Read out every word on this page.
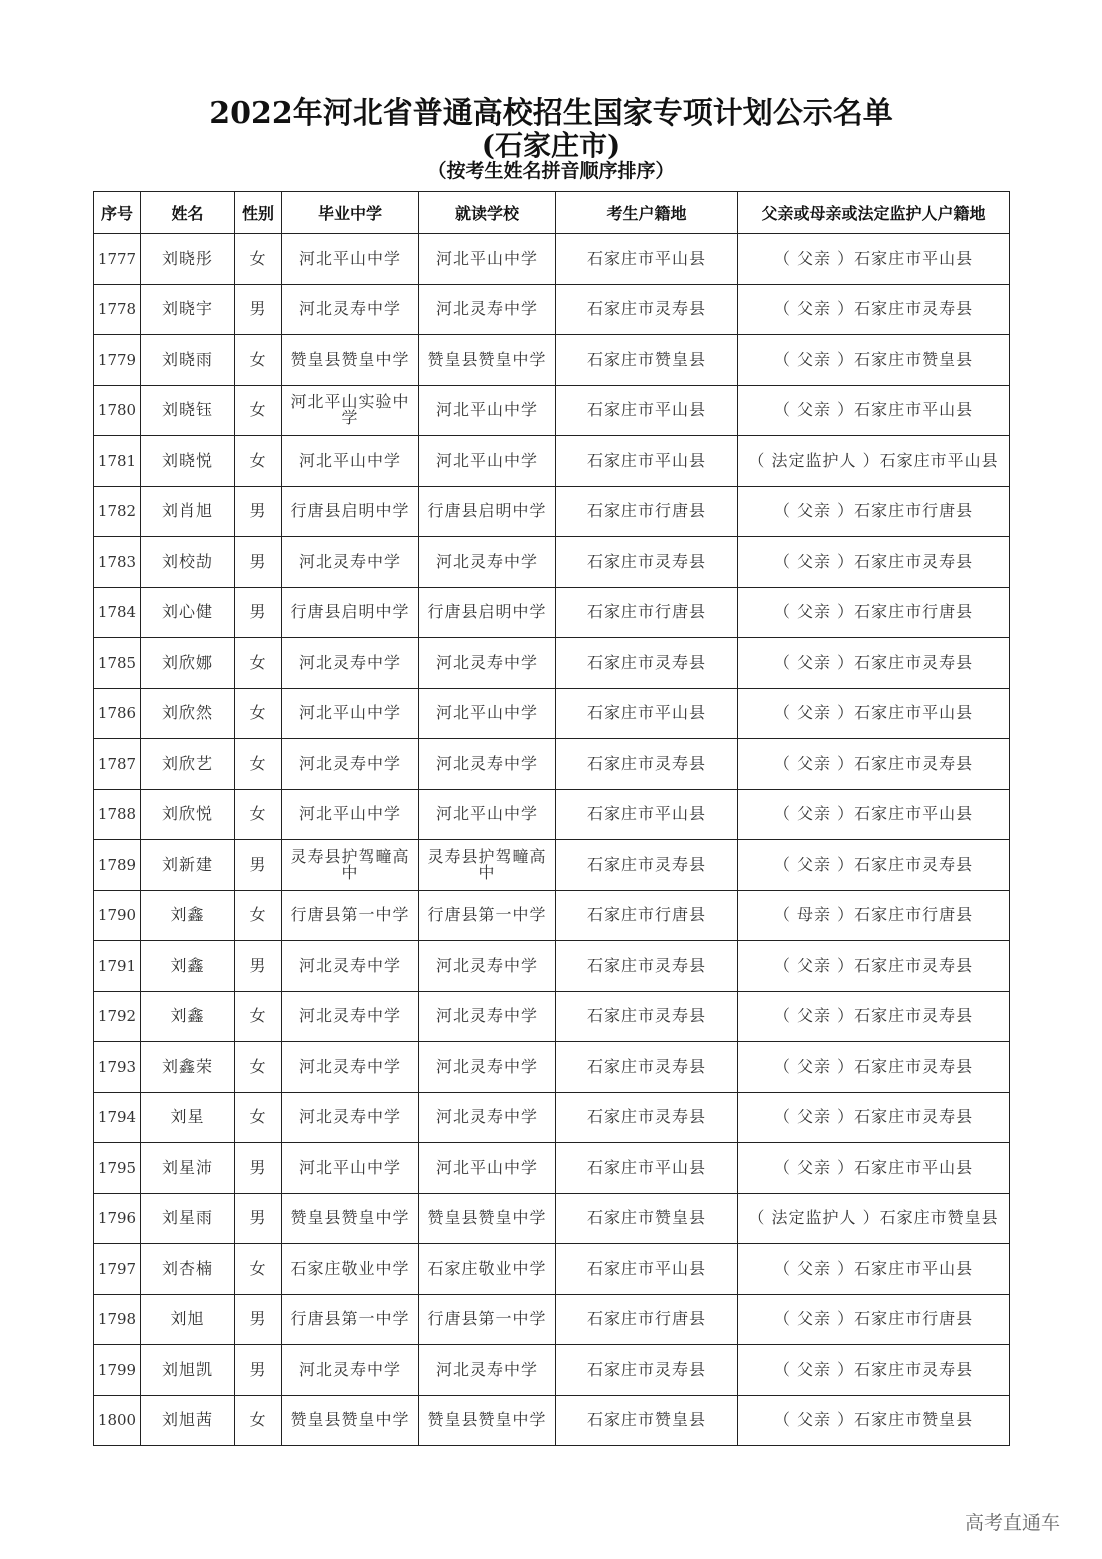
2022年河北省普通高校招生国家专项计划公示名单
(石家庄市)
（按考生姓名拼音顺序排序）
序号	姓名	性别	毕业中学	就读学校	考生户籍地	父亲或母亲或法定监护人户籍地
1777	刘晓彤	女	河北平山中学	河北平山中学	石家庄市平山县	（ 父亲 ）石家庄市平山县
1778	刘晓宇	男	河北灵寿中学	河北灵寿中学	石家庄市灵寿县	（ 父亲 ）石家庄市灵寿县
1779	刘晓雨	女	赞皇县赞皇中学	赞皇县赞皇中学	石家庄市赞皇县	（ 父亲 ）石家庄市赞皇县
1780	刘晓钰	女	河北平山实验中学	河北平山中学	石家庄市平山县	（ 父亲 ）石家庄市平山县
1781	刘晓悦	女	河北平山中学	河北平山中学	石家庄市平山县	（ 法定监护人 ）石家庄市平山县
1782	刘肖旭	男	行唐县启明中学	行唐县启明中学	石家庄市行唐县	（ 父亲 ）石家庄市行唐县
1783	刘校劼	男	河北灵寿中学	河北灵寿中学	石家庄市灵寿县	（ 父亲 ）石家庄市灵寿县
1784	刘心健	男	行唐县启明中学	行唐县启明中学	石家庄市行唐县	（ 父亲 ）石家庄市行唐县
1785	刘欣娜	女	河北灵寿中学	河北灵寿中学	石家庄市灵寿县	（ 父亲 ）石家庄市灵寿县
1786	刘欣然	女	河北平山中学	河北平山中学	石家庄市平山县	（ 父亲 ）石家庄市平山县
1787	刘欣艺	女	河北灵寿中学	河北灵寿中学	石家庄市灵寿县	（ 父亲 ）石家庄市灵寿县
1788	刘欣悦	女	河北平山中学	河北平山中学	石家庄市平山县	（ 父亲 ）石家庄市平山县
1789	刘新建	男	灵寿县护驾疃高中	灵寿县护驾疃高中	石家庄市灵寿县	（ 父亲 ）石家庄市灵寿县
1790	刘鑫	女	行唐县第一中学	行唐县第一中学	石家庄市行唐县	（ 母亲 ）石家庄市行唐县
1791	刘鑫	男	河北灵寿中学	河北灵寿中学	石家庄市灵寿县	（ 父亲 ）石家庄市灵寿县
1792	刘鑫	女	河北灵寿中学	河北灵寿中学	石家庄市灵寿县	（ 父亲 ）石家庄市灵寿县
1793	刘鑫荣	女	河北灵寿中学	河北灵寿中学	石家庄市灵寿县	（ 父亲 ）石家庄市灵寿县
1794	刘星	女	河北灵寿中学	河北灵寿中学	石家庄市灵寿县	（ 父亲 ）石家庄市灵寿县
1795	刘星沛	男	河北平山中学	河北平山中学	石家庄市平山县	（ 父亲 ）石家庄市平山县
1796	刘星雨	男	赞皇县赞皇中学	赞皇县赞皇中学	石家庄市赞皇县	（ 法定监护人 ）石家庄市赞皇县
1797	刘杏楠	女	石家庄敬业中学	石家庄敬业中学	石家庄市平山县	（ 父亲 ）石家庄市平山县
1798	刘旭	男	行唐县第一中学	行唐县第一中学	石家庄市行唐县	（ 父亲 ）石家庄市行唐县
1799	刘旭凯	男	河北灵寿中学	河北灵寿中学	石家庄市灵寿县	（ 父亲 ）石家庄市灵寿县
1800	刘旭茜	女	赞皇县赞皇中学	赞皇县赞皇中学	石家庄市赞皇县	（ 父亲 ）石家庄市赞皇县
高考直通车
